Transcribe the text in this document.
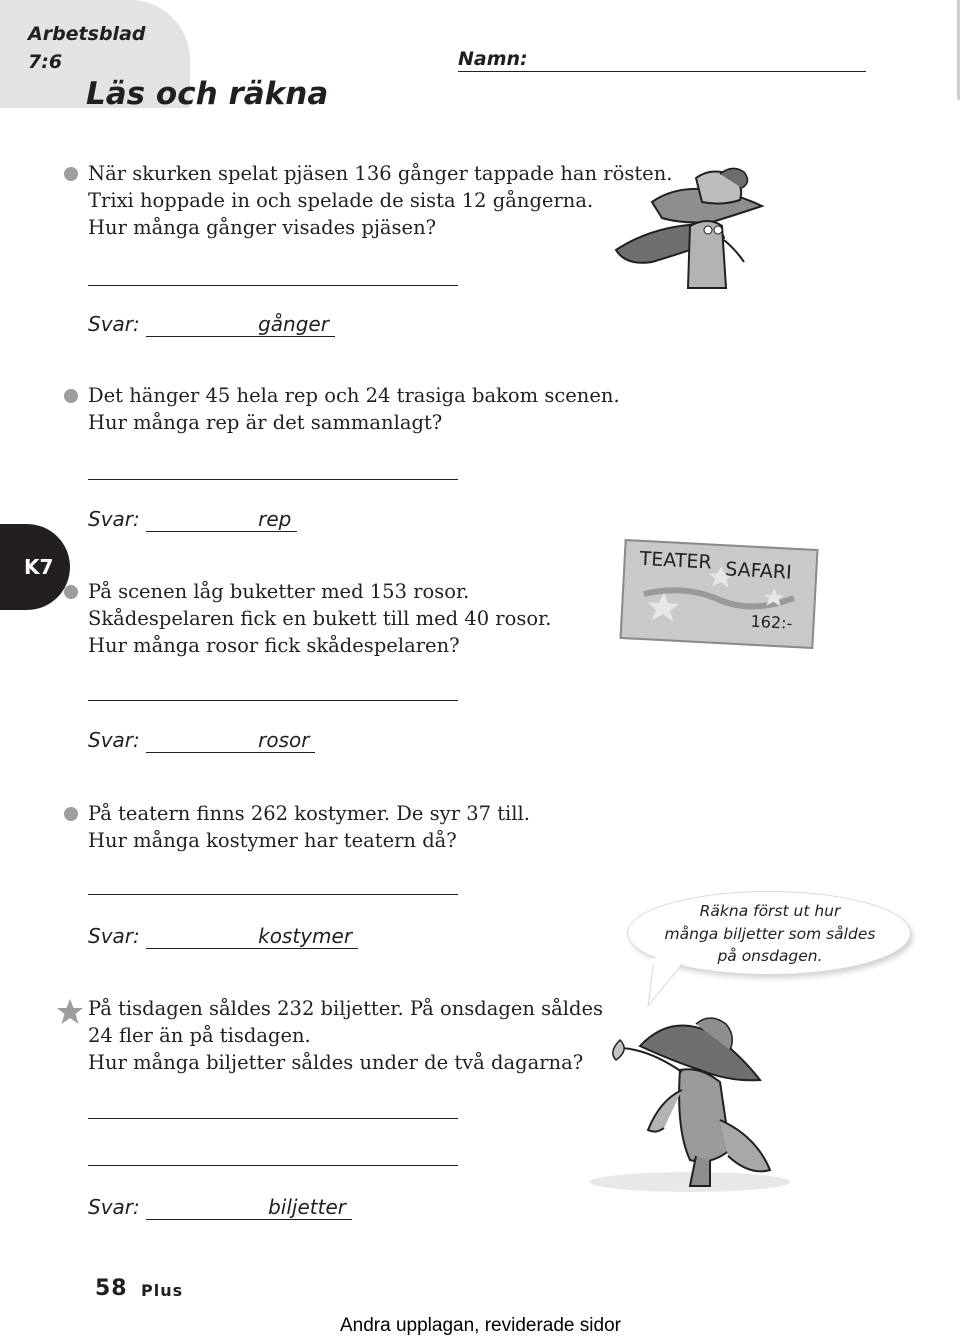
Arbetsblad
7:6
Läs och räkna
Namn:
K7
När skurken spelat pjäsen 136 gånger tappade han rösten.
Trixi hoppade in och spelade de sista 12 gångerna.
Hur många gånger visades pjäsen?
Svar:	gånger
Det hänger 45 hela rep och 24 trasiga bakom scenen.
Hur många rep är det sammanlagt?
Svar:	rep
På scenen låg buketter med 153 rosor.
Skådespelaren fick en bukett till med 40 rosor.
Hur många rosor fick skådespelaren?
Svar:	rosor
TEATER SAFARI
162:-
På teatern finns 262 kostymer. De syr 37 till.
Hur många kostymer har teatern då?
Svar:	kostymer
Räkna först ut hur
många biljetter som såldes
på onsdagen.
På tisdagen såldes 232 biljetter. På onsdagen såldes
24 fler än på tisdagen.
Hur många biljetter såldes under de två dagarna?
Svar:	biljetter
58 Plus
Andra upplagan, reviderade sidor
